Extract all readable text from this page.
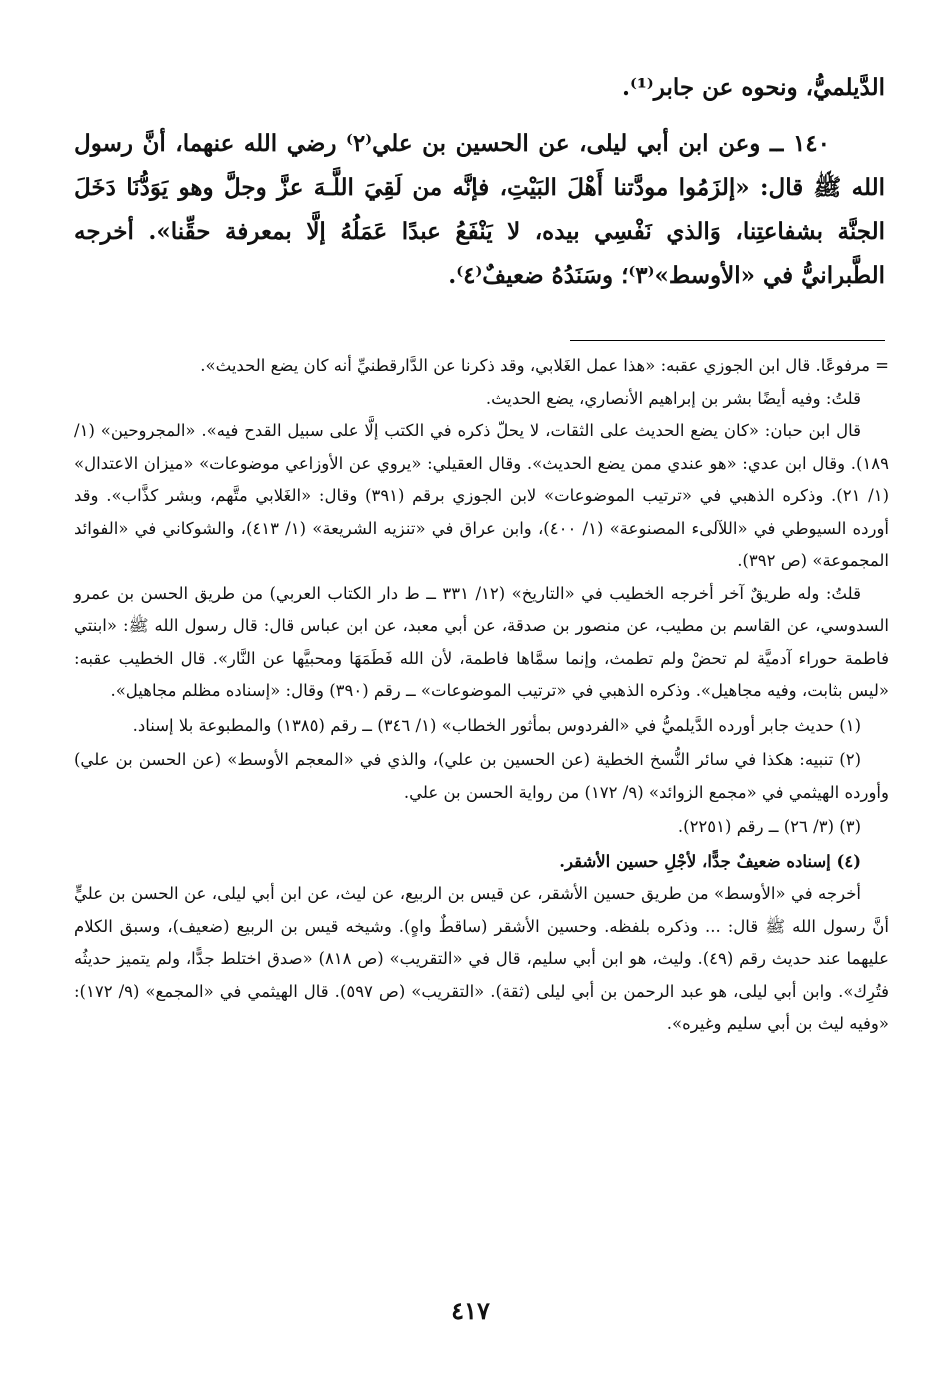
الدَّيلميُّ، ونحوه عن جابر⁽¹⁾.

١٤٠ ــ وعن ابن أبي ليلى، عن الحسين بن علي⁽٢⁾ رضي الله عنهما، أنَّ رسول الله ﷺ قال: «إلزَمُوا مودَّتنا أَهْلَ البَيْتِ، فإنَّه من لَقِيَ اللَّـهَ عزَّ وجلَّ وهو يَوَدُّنَا دَخَلَ الجنَّة بشفاعتِنا، وَالذي نَفْسِي بيده، لا يَنْفَعُ عبدًا عَمَلُهُ إلَّا بمعرفة حقِّنا». أخرجه الطَّبرانيُّ في «الأوسط»⁽٣⁾؛ وسَنَدُهُ ضعيفٌ⁽٤⁾.

= مرفوعًا. قال ابن الجوزي عقبه: «هذا عمل الغَلابي، وقد ذكرنا عن الدَّارقطنيِّ أنه كان يضع الحديث».

قلتُ: وفيه أيضًا بشر بن إبراهيم الأنصاري، يضع الحديث.

قال ابن حبان: «كان يضع الحديث على الثقات، لا يحلّ ذكره في الكتب إلَّا على سبيل القدح فيه». «المجروحين» (١/ ١٨٩). وقال ابن عدي: «هو عندي ممن يضع الحديث». وقال العقيلي: «يروي عن الأوزاعي موضوعات» «ميزان الاعتدال» (١/ ٢١). وذكره الذهبي في «ترتيب الموضوعات» لابن الجوزي برقم (٣٩١) وقال: «الغَلابي متَّهم، وبشر كذَّاب». وقد أورده السيوطي في «اللآلىء المصنوعة» (١/ ٤٠٠)، وابن عراق في «تنزيه الشريعة» (١/ ٤١٣)، والشوكاني في «الفوائد المجموعة» (ص ٣٩٢).

قلتُ: وله طريقٌ آخر أخرجه الخطيب في «التاريخ» (١٢/ ٣٣١ ــ ط دار الكتاب العربي) من طريق الحسن بن عمرو السدوسي، عن القاسم بن مطيب، عن منصور بن صدقة، عن أبي معبد، عن ابن عباس قال: قال رسول الله ﷺ: «ابنتي فاطمة حوراء آدميَّة لم تحضْ ولم تطمث، وإنما سمَّاها فاطمة، لأن الله فَطَمَهَا ومحبيَّها عن النَّار». قال الخطيب عقبه: «ليس بثابت، وفيه مجاهيل». وذكره الذهبي في «ترتيب الموضوعات» ــ رقم (٣٩٠) وقال: «إسناده مظلم مجاهيل».

(١) حديث جابر أورده الدَّيلميُّ في «الفردوس بمأثور الخطاب» (١/ ٣٤٦) ــ رقم (١٣٨٥) والمطبوعة بلا إسناد.

(٢) تنبيه: هكذا في سائر النُّسخ الخطية (عن الحسين بن علي)، والذي في «المعجم الأوسط» (عن الحسن بن علي) وأورده الهيثمي في «مجمع الزوائد» (٩/ ١٧٢) من رواية الحسن بن علي.

(٣) (٣/ ٢٦) ــ رقم (٢٢٥١).

(٤) إسناده ضعيفٌ جدًّا، لأجْلِ حسين الأشقر.

أخرجه في «الأوسط» من طريق حسين الأشقر، عن قيس بن الربيع، عن ليث، عن ابن أبي ليلى، عن الحسن بن عليٍّ أنَّ رسول الله ﷺ قال: ... وذكره بلفظه. وحسين الأشقر (ساقطٌ واهٍ). وشيخه قيس بن الربيع (ضعيف)، وسبق الكلام عليهما عند حديث رقم (٤٩). وليث، هو ابن أبي سليم، قال في «التقريب» (ص ٨١٨) «صدق اختلط جدًّا، ولم يتميز حديثُه فتُرِك». وابن أبي ليلى، هو عبد الرحمن بن أبي ليلى (ثقة). «التقريب» (ص ٥٩٧). قال الهيثمي في «المجمع» (٩/ ١٧٢): «وفيه ليث بن أبي سليم وغيره».

٤١٧
